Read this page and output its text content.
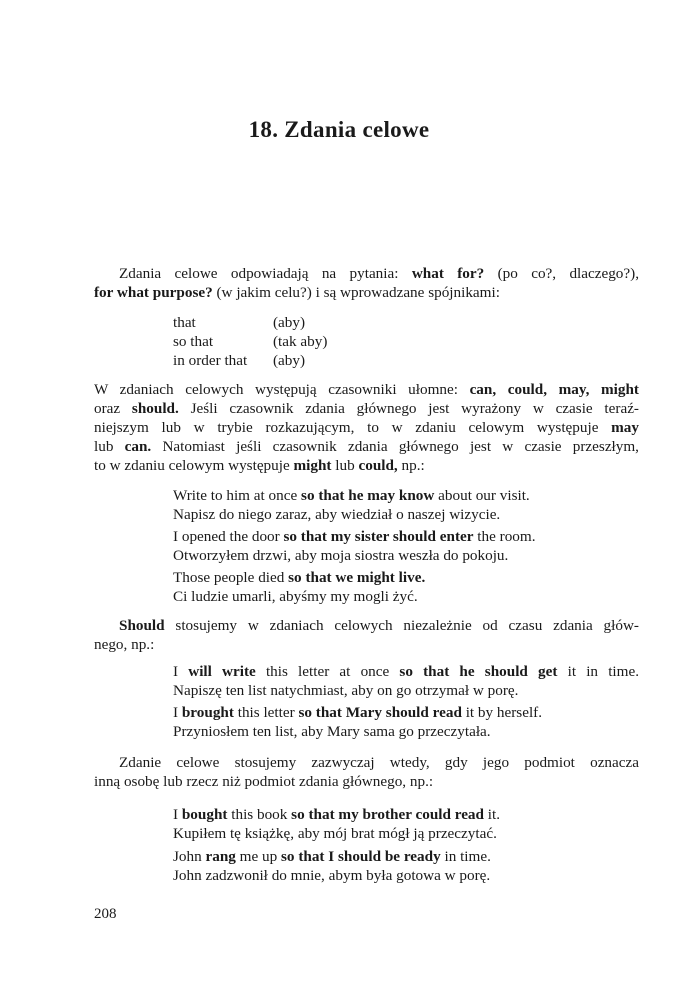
18. Zdania celowe
Zdania celowe odpowiadają na pytania: what for? (po co?, dlaczego?),
for what purpose? (w jakim celu?) i są wprowadzane spójnikami:
that	(aby)
so that	(tak aby)
in order that	(aby)
W zdaniach celowych występują czasowniki ułomne: can, could, may, might
oraz should. Jeśli czasownik zdania głównego jest wyrażony w czasie teraź-
niejszym lub w trybie rozkazującym, to w zdaniu celowym występuje may
lub can. Natomiast jeśli czasownik zdania głównego jest w czasie przeszłym,
to w zdaniu celowym występuje might lub could, np.:
Write to him at once so that he may know about our visit.
Napisz do niego zaraz, aby wiedział o naszej wizycie.
I opened the door so that my sister should enter the room.
Otworzyłem drzwi, aby moja siostra weszła do pokoju.
Those people died so that we might live.
Ci ludzie umarli, abyśmy my mogli żyć.
Should stosujemy w zdaniach celowych niezależnie od czasu zdania głów-
nego, np.:
I will write this letter at once so that he should get it in time.
Napiszę ten list natychmiast, aby on go otrzymał w porę.
I brought this letter so that Mary should read it by herself.
Przyniosłem ten list, aby Mary sama go przeczytała.
Zdanie celowe stosujemy zazwyczaj wtedy, gdy jego podmiot oznacza
inną osobę lub rzecz niż podmiot zdania głównego, np.:
I bought this book so that my brother could read it.
Kupiłem tę książkę, aby mój brat mógł ją przeczytać.
John rang me up so that I should be ready in time.
John zadzwonił do mnie, abym była gotowa w porę.
208
